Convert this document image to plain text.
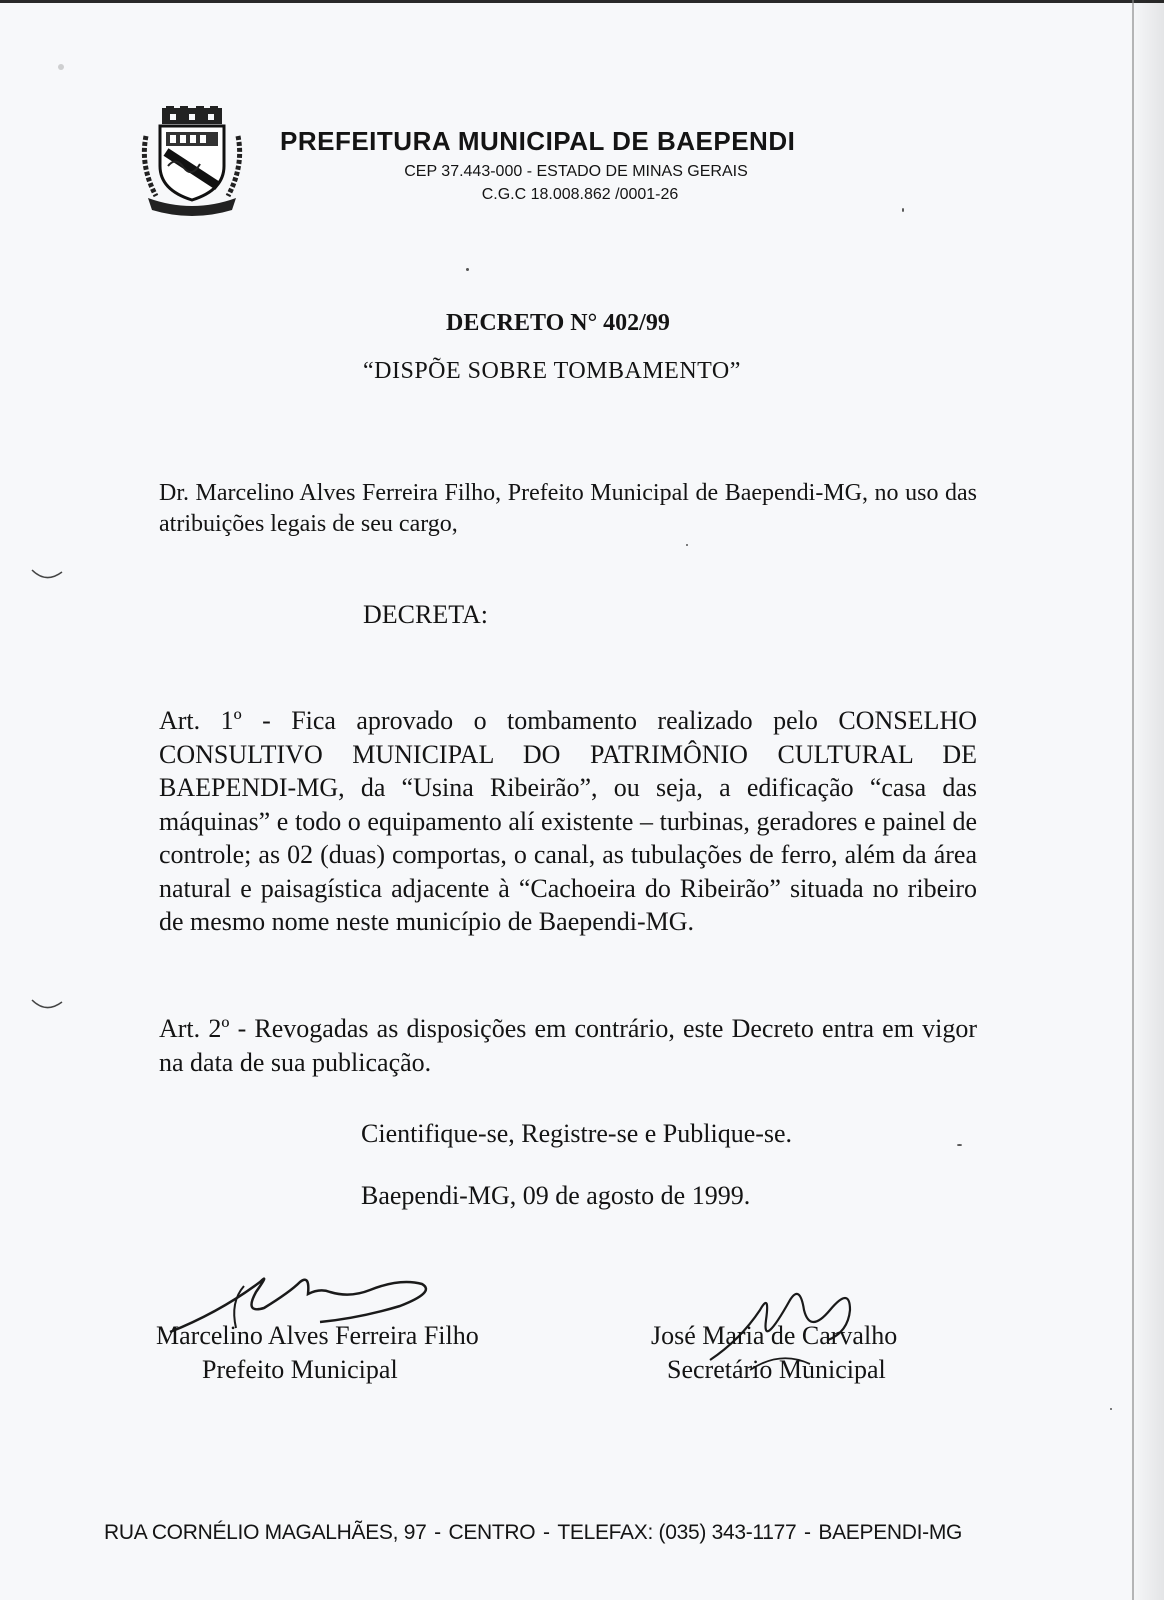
PREFEITURA MUNICIPAL DE BAEPENDI
CEP 37.443-000 - ESTADO DE MINAS GERAIS
C.G.C 18.008.862 /0001-26
DECRETO N° 402/99
“DISPÕE SOBRE TOMBAMENTO”
Dr. Marcelino Alves Ferreira Filho, Prefeito Municipal de Baependi-MG, no uso das atribuições legais de seu cargo,
DECRETA:
Art. 1º - Fica aprovado o tombamento realizado pelo CONSELHO CONSULTIVO MUNICIPAL DO PATRIMÔNIO CULTURAL DE BAEPENDI-MG, da “Usina Ribeirão”, ou seja, a edificação “casa das máquinas” e todo o equipamento alí existente – turbinas, geradores e painel de controle; as 02 (duas) comportas, o canal, as tubulações de ferro, além da área natural e paisagística adjacente à “Cachoeira do Ribeirão” situada no ribeiro de mesmo nome neste município de Baependi-MG.
Art. 2º - Revogadas as disposições em contrário, este Decreto entra em vigor na data de sua publicação.
Cientifique-se, Registre-se e Publique-se.
Baependi-MG, 09 de agosto de 1999.
Marcelino Alves Ferreira Filho
Prefeito Municipal
José Maria de Carvalho
Secretário Municipal
RUA CORNÉLIO MAGALHÃES, 97 - CENTRO - TELEFAX: (035) 343-1177 - BAEPENDI-MG
